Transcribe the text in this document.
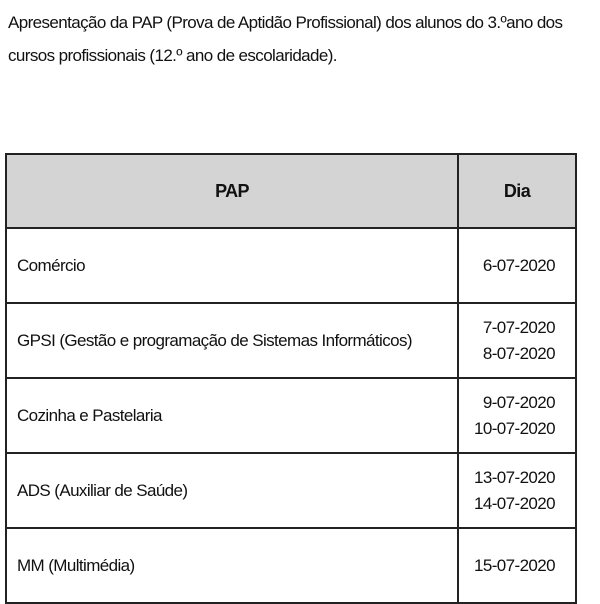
Apresentação da PAP (Prova de Aptidão Profissional) dos alunos do 3.ºano dos cursos profissionais (12.º ano de escolaridade).
PAP	Dia
Comércio	6-07-2020

GPSI (Gestão e programação de Sistemas Informáticos)	7-07-2020
8-07-2020

Cozinha e Pastelaria	9-07-2020
10-07-2020

ADS (Auxiliar de Saúde)	13-07-2020
14-07-2020

MM (Multimédia)	15-07-2020
